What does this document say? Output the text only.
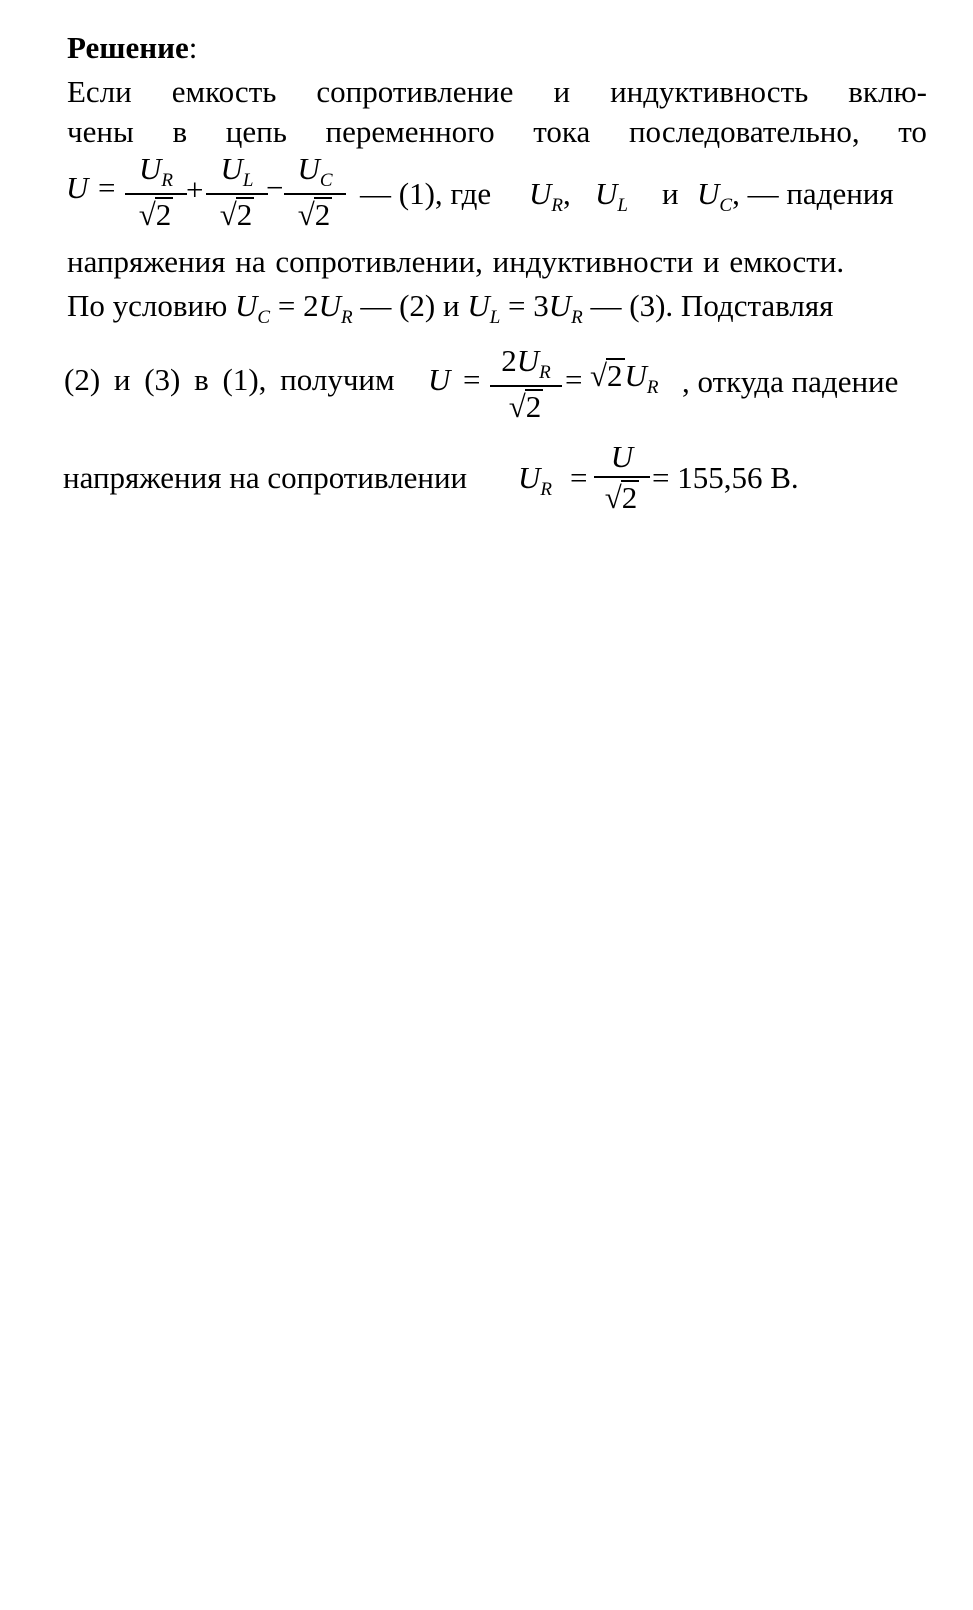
Решение:
Если емкость сопротивление и индуктивность вклю-
чены в цепь переменного тока последовательно, то
U =
$U_R$
√ 2
+
$U_L$
√ 2
−
$U_C$
√ 2
— (1), где $U_R$, $U_L$ и $U_C$, — падения
напряжения на сопротивлении, индуктивности и емкости.
По условию $U_C = 2U_R$ — (2) и $U_L = 3U_R$ — (3). Подставляя
(2) и (3) в (1), получим U =
$2U_R$
√ 2
= √ 2 $U_R$ , откуда падение
напряжения на сопротивлении $U_R$ =
U
√ 2
= 155,56 В.
